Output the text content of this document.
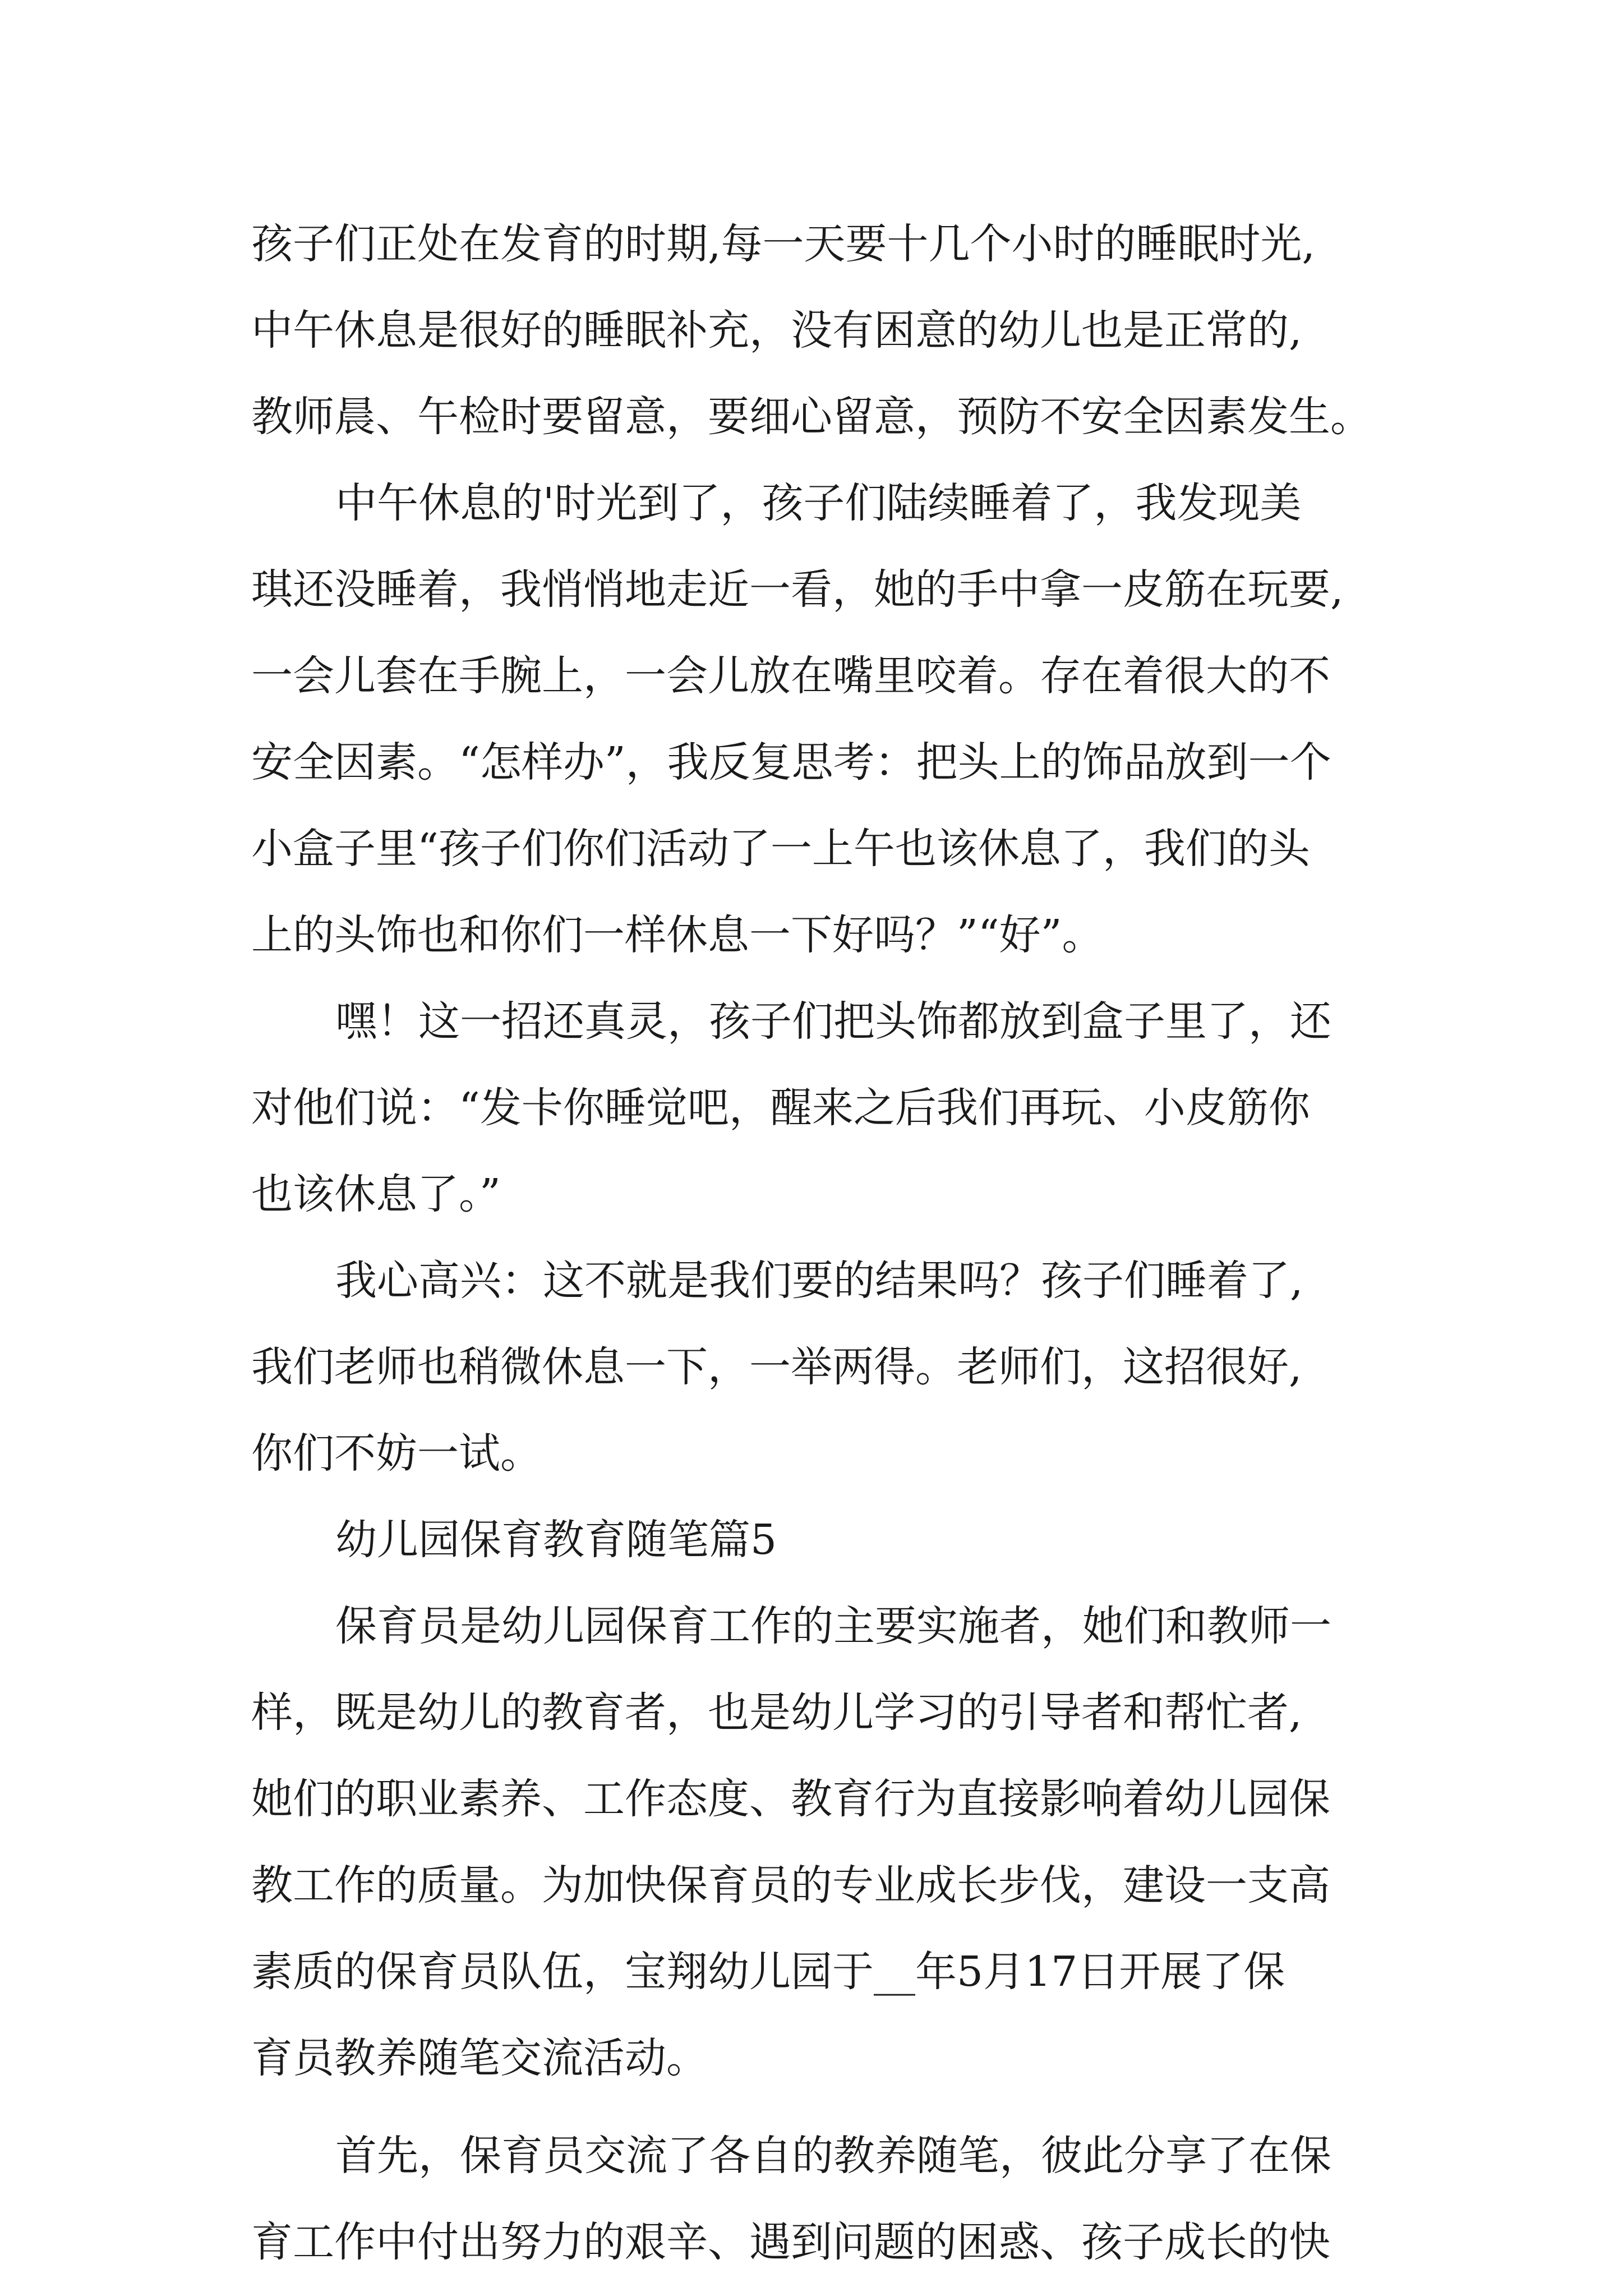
孩子们正处在发育的时期,每一天要十几个小时的睡眠时光,
中午休息是很好的睡眠补充，没有困意的幼儿也是正常的,
教师晨、午检时要留意，要细心留意，预防不安全因素发生。
中午休息的'时光到了，孩子们陆续睡着了，我发现美
琪还没睡着，我悄悄地走近一看，她的手中拿一皮筋在玩要,
一会儿套在手腕上，一会儿放在嘴里咬着。存在着很大的不
安全因素。“怎样办”，我反复思考：把头上的饰品放到一个
小盒子里“孩子们你们活动了一上午也该休息了，我们的头
上的头饰也和你们一样休息一下好吗？”“好”。
嘿！这一招还真灵，孩子们把头饰都放到盒子里了，还
对他们说：“发卡你睡觉吧，醒来之后我们再玩、小皮筋你
也该休息了。”
我心高兴：这不就是我们要的结果吗？孩子们睡着了,
我们老师也稍微休息一下，一举两得。老师们，这招很好,
你们不妨一试。
幼儿园保育教育随笔篇5
保育员是幼儿园保育工作的主要实施者，她们和教师一
样，既是幼儿的教育者，也是幼儿学习的引导者和帮忙者,
她们的职业素养、工作态度、教育行为直接影响着幼儿园保
教工作的质量。为加快保育员的专业成长步伐，建设一支高
素质的保育员队伍，宝翔幼儿园于__年5月17日开展了保
育员教养随笔交流活动。
首先，保育员交流了各自的教养随笔，彼此分享了在保
育工作中付出努力的艰辛、遇到问题的困惑、孩子成长的快
